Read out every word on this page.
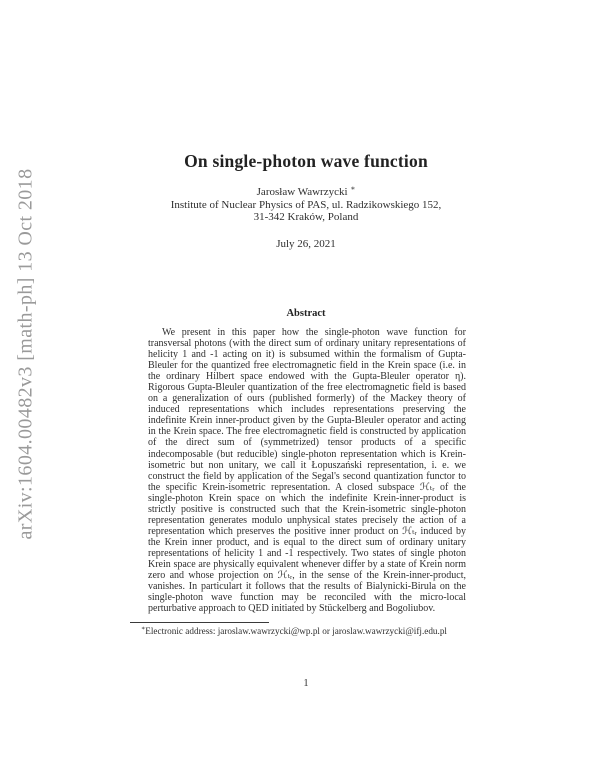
arXiv:1604.00482v3 [math-ph] 13 Oct 2018
On single-photon wave function
Jarosław Wawrzycki ∗
Institute of Nuclear Physics of PAS, ul. Radzikowskiego 152,
31-342 Kraków, Poland
July 26, 2021
Abstract
We present in this paper how the single-photon wave function for transversal photons (with the direct sum of ordinary unitary representations of helicity 1 and -1 acting on it) is subsumed within the formalism of Gupta-Bleuler for the quantized free electromagnetic field in the Krein space (i.e. in the ordinary Hilbert space endowed with the Gupta-Bleuler operator η). Rigorous Gupta-Bleuler quantization of the free electromagnetic field is based on a generalization of ours (published formerly) of the Mackey theory of induced representations which includes representations preserving the indefinite Krein inner-product given by the Gupta-Bleuler operator and acting in the Krein space. The free electromagnetic field is constructed by application of the direct sum of (symmetrized) tensor products of a specific indecomposable (but reducible) single-photon representation which is Krein-isometric but non unitary, we call it Łopuszański representation, i. e. we construct the field by application of the Segal's second quantization functor to the specific Krein-isometric representation. A closed subspace ℋₜᵣ of the single-photon Krein space on which the indefinite Krein-inner-product is strictly positive is constructed such that the Krein-isometric single-photon representation generates modulo unphysical states precisely the action of a representation which preserves the positive inner product on ℋₜᵣ induced by the Krein inner product, and is equal to the direct sum of ordinary unitary representations of helicity 1 and -1 respectively. Two states of single photon Krein space are physically equivalent whenever differ by a state of Krein norm zero and whose projection on ℋₜᵣ, in the sense of the Krein-inner-product, vanishes. In particulart it follows that the results of Bialynicki-Birula on the single-photon wave function may be reconciled with the micro-local perturbative approach to QED initiated by Stückelberg and Bogoliubov.
∗Electronic address: jaroslaw.wawrzycki@wp.pl or jaroslaw.wawrzycki@ifj.edu.pl
1
